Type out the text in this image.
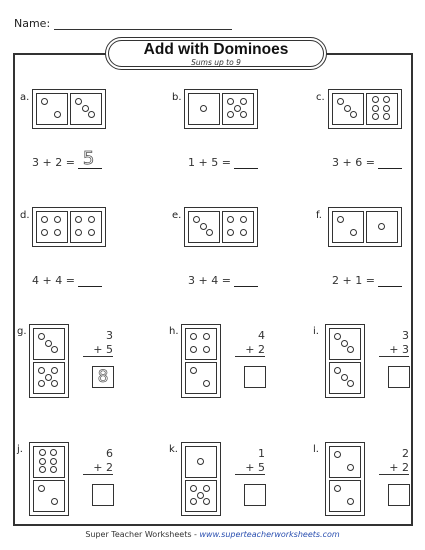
Name:
Add with Dominoes
Sums up to 9
a.
3 + 2 = 5
b.
1 + 5 =
c.
3 + 6 =
d.
4 + 4 =
e.
3 + 4 =
f.
2 + 1 =
g.	3
+ 5
8
h.	4
+ 2
i.	3
+ 3
j.	6
+ 2
k.	1
+ 5
l.	2
+ 2
Super Teacher Worksheets - www.superteacherworksheets.com
